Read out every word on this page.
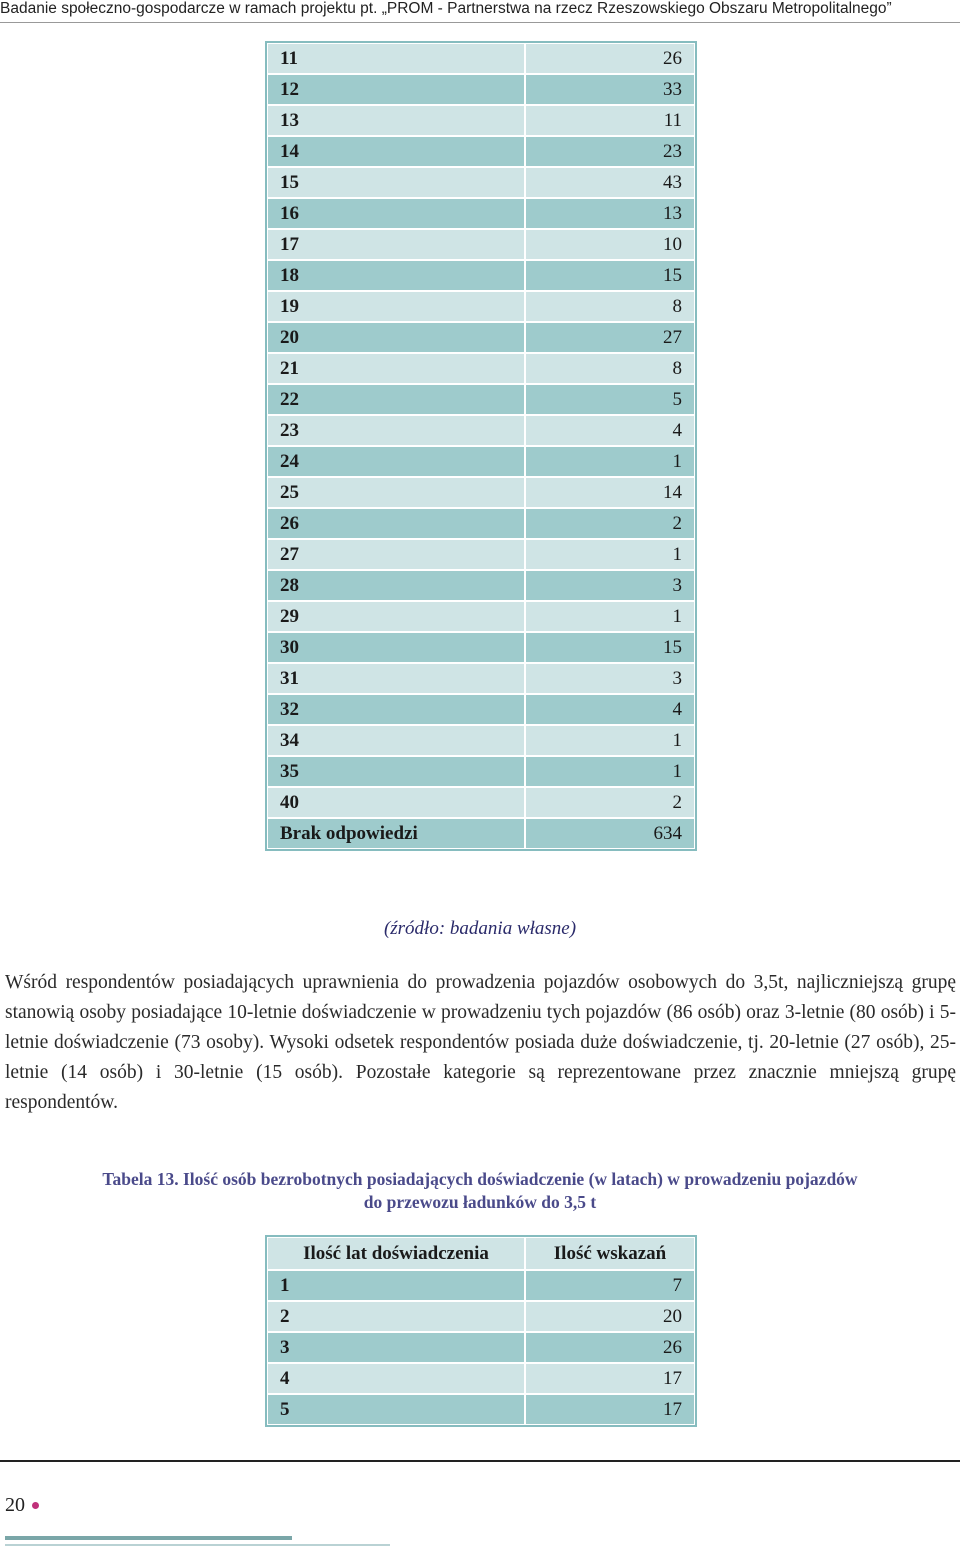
Badanie społeczno-gospodarcze w ramach projektu pt. „PROM - Partnerstwa na rzecz Rzeszowskiego Obszaru Metropolitalnego”
11	26
12	33
13	11
14	23
15	43
16	13
17	10
18	15
19	8
20	27
21	8
22	5
23	4
24	1
25	14
26	2
27	1
28	3
29	1
30	15
31	3
32	4
34	1
35	1
40	2
Brak odpowiedzi	634
(źródło: badania własne)
Wśród respondentów posiadających uprawnienia do prowadzenia pojazdów osobowych do 3,5t, najliczniejszą grupę stanowią osoby posiadające 10-letnie doświadczenie w prowadzeniu tych pojazdów (86 osób) oraz 3-letnie (80 osób) i 5-letnie doświadczenie (73 osoby). Wysoki odsetek respondentów posiada duże doświadczenie, tj. 20-letnie (27 osób), 25-letnie (14 osób) i 30-letnie (15 osób). Pozostałe kategorie są reprezentowane przez znacznie mniejszą grupę respondentów.
Tabela 13. Ilość osób bezrobotnych posiadających doświadczenie (w latach) w prowadzeniu pojazdów
do przewozu ładunków do 3,5 t
Ilość lat doświadczenia	Ilość wskazań
1	7
2	20
3	26
4	17
5	17
20
